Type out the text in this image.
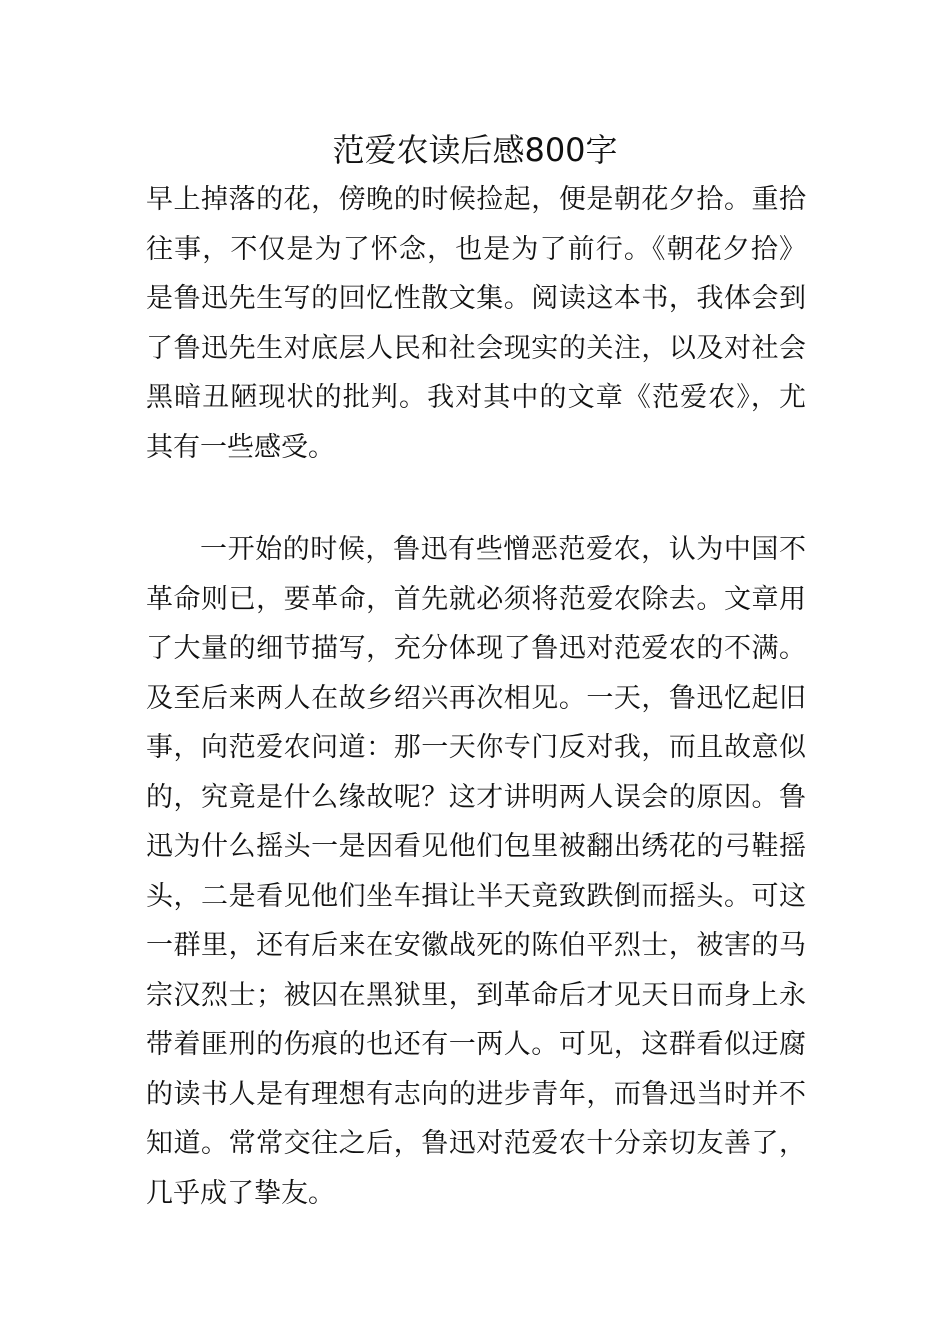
范爱农读后感800字

早上掉落的花，傍晚的时候捡起，便是朝花夕拾。重拾往事，不仅是为了怀念，也是为了前行。《朝花夕拾》是鲁迅先生写的回忆性散文集。阅读这本书，我体会到了鲁迅先生对底层人民和社会现实的关注，以及对社会黑暗丑陋现状的批判。我对其中的文章《范爱农》，尤其有一些感受。

一开始的时候，鲁迅有些憎恶范爱农，认为中国不革命则已，要革命，首先就必须将范爱农除去。文章用了大量的细节描写，充分体现了鲁迅对范爱农的不满。及至后来两人在故乡绍兴再次相见。一天，鲁迅忆起旧事，向范爱农问道：那一天你专门反对我，而且故意似的，究竟是什么缘故呢？这才讲明两人误会的原因。鲁迅为什么摇头一是因看见他们包里被翻出绣花的弓鞋摇头，二是看见他们坐车揖让半天竟致跌倒而摇头。可这一群里，还有后来在安徽战死的陈伯平烈士，被害的马宗汉烈士；被囚在黑狱里，到革命后才见天日而身上永带着匪刑的伤痕的也还有一两人。可见，这群看似迂腐的读书人是有理想有志向的进步青年，而鲁迅当时并不知道。常常交往之后，鲁迅对范爱农十分亲切友善了，几乎成了挚友。
